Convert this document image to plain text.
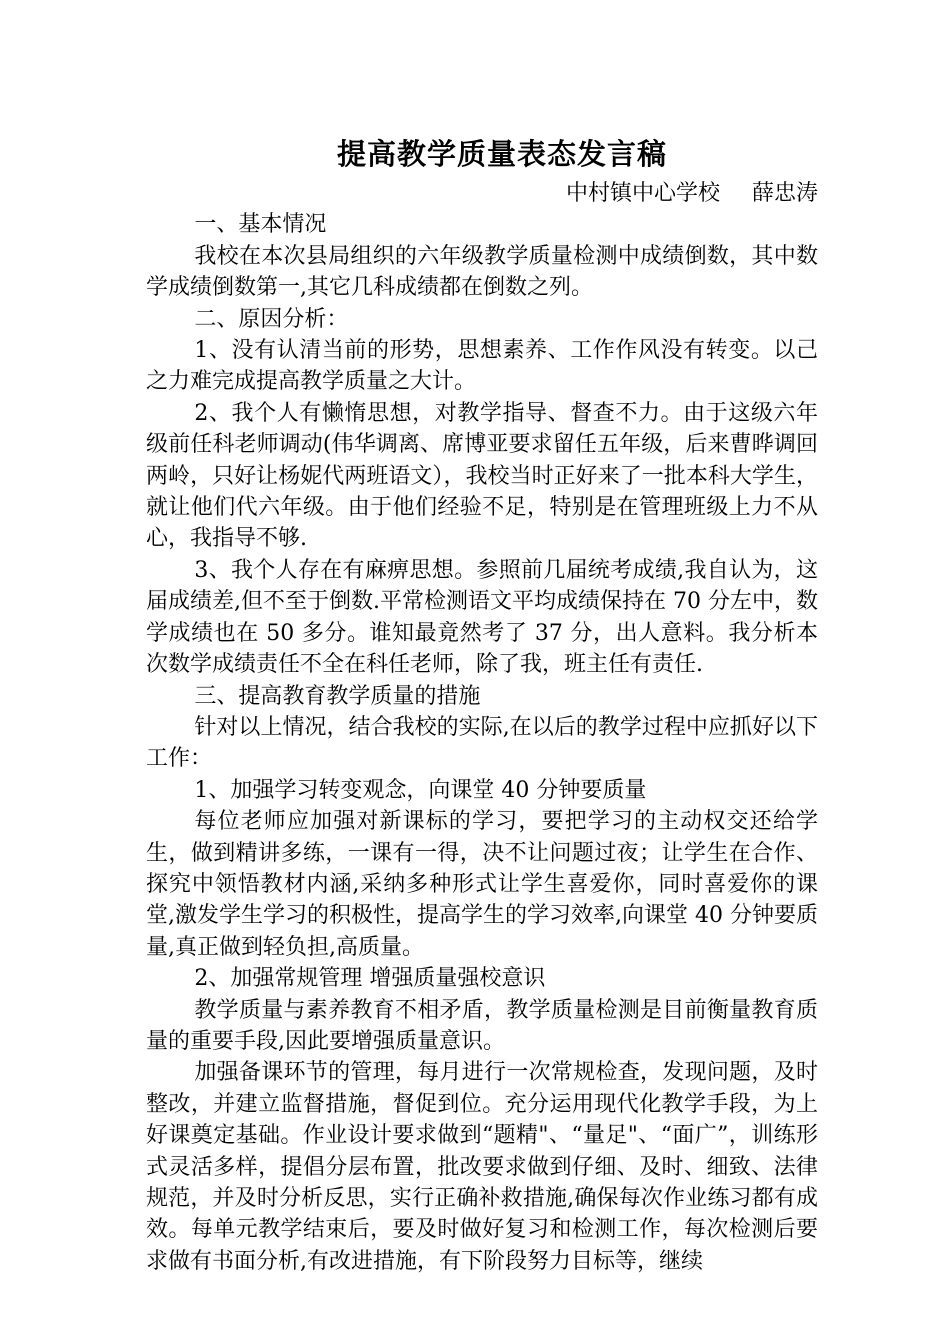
提高教学质量表态发言稿
中村镇中心学校 薛忠涛

一、基本情况

我校在本次县局组织的六年级教学质量检测中成绩倒数，其中数学成绩倒数第一,其它几科成绩都在倒数之列。

二、原因分析：

1、没有认清当前的形势，思想素养、工作作风没有转变。以己之力难完成提高教学质量之大计。

2、我个人有懒惰思想，对教学指导、督查不力。由于这级六年级前任科老师调动(伟华调离、席博亚要求留任五年级，后来曹晔调回两岭，只好让杨妮代两班语文），我校当时正好来了一批本科大学生，就让他们代六年级。由于他们经验不足，特别是在管理班级上力不从心，我指导不够.

3、我个人存在有麻痹思想。参照前几届统考成绩,我自认为，这届成绩差,但不至于倒数.平常检测语文平均成绩保持在 70 分左中，数学成绩也在 50 多分。谁知最竟然考了 37 分，出人意料。我分析本次数学成绩责任不全在科任老师，除了我，班主任有责任.

三、提高教育教学质量的措施

针对以上情况，结合我校的实际,在以后的教学过程中应抓好以下工作：

1、加强学习转变观念，向课堂 40 分钟要质量

每位老师应加强对新课标的学习，要把学习的主动权交还给学生，做到精讲多练，一课有一得，决不让问题过夜；让学生在合作、探究中领悟教材内涵,采纳多种形式让学生喜爱你，同时喜爱你的课堂,激发学生学习的积极性，提高学生的学习效率,向课堂 40 分钟要质量,真正做到轻负担,高质量。

2、加强常规管理 增强质量强校意识

教学质量与素养教育不相矛盾，教学质量检测是目前衡量教育质量的重要手段,因此要增强质量意识。

加强备课环节的管理，每月进行一次常规检查，发现问题，及时整改，并建立监督措施，督促到位。充分运用现代化教学手段，为上好课奠定基础。作业设计要求做到“题精"、“量足"、“面广”，训练形式灵活多样，提倡分层布置，批改要求做到仔细、及时、细致、法律规范，并及时分析反思，实行正确补救措施,确保每次作业练习都有成效。每单元教学结束后，要及时做好复习和检测工作，每次检测后要求做有书面分析,有改进措施，有下阶段努力目标等，继续
